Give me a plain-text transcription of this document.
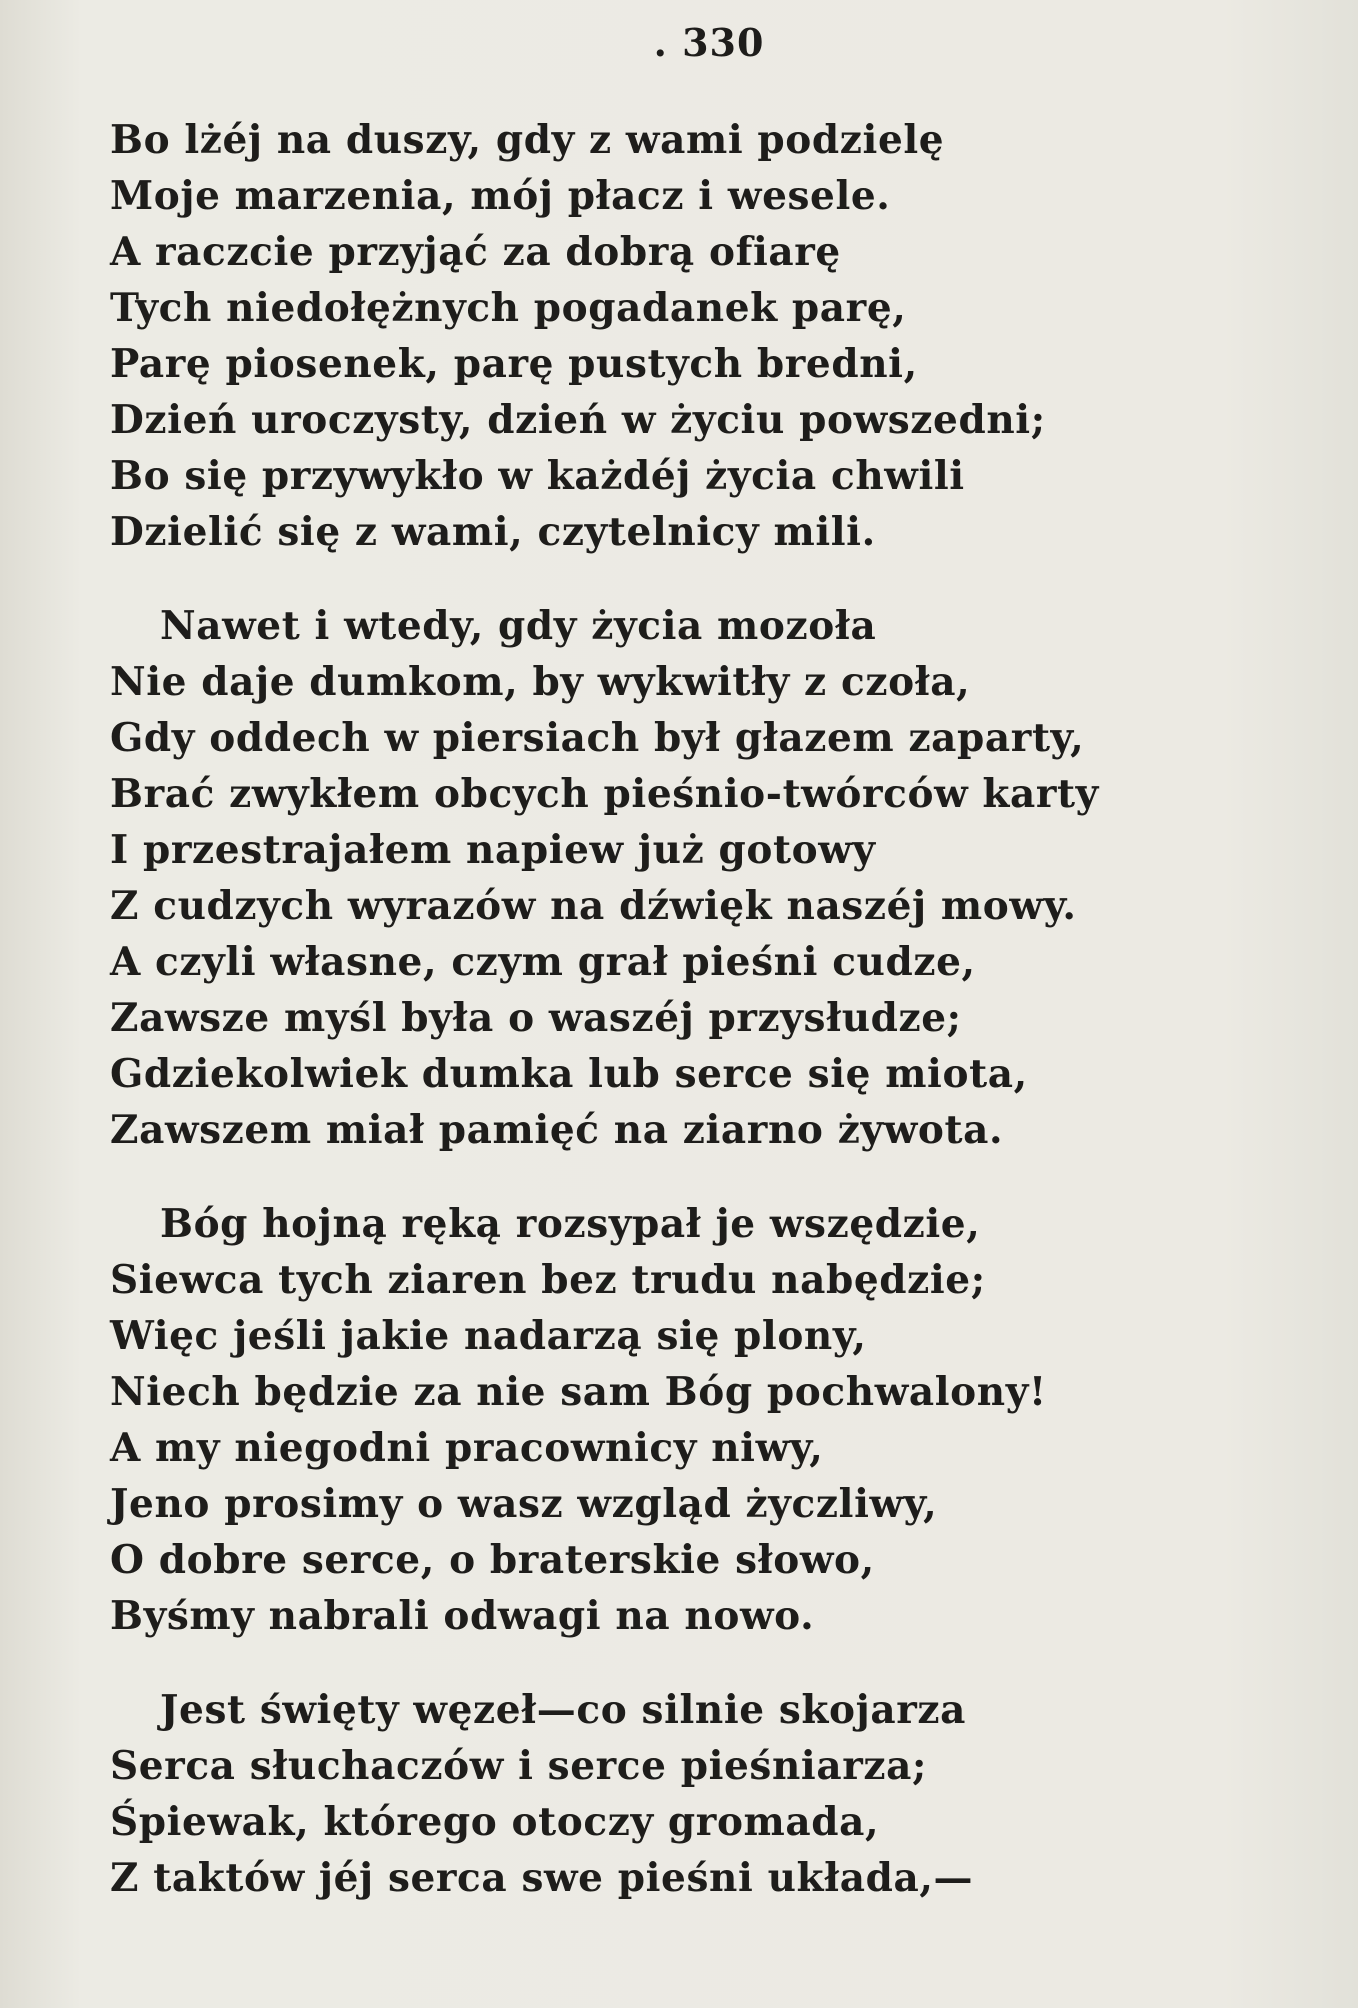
. 330
Bo lżéj na duszy, gdy z wami podzielę
Moje marzenia, mój płacz i wesele.
A raczcie przyjąć za dobrą ofiarę
Tych niedołężnych pogadanek parę,
Parę piosenek, parę pustych bredni,
Dzień uroczysty, dzień w życiu powszedni;
Bo się przywykło w każdéj życia chwili
Dzielić się z wami, czytelnicy mili.
Nawet i wtedy, gdy życia mozoła
Nie daje dumkom, by wykwitły z czoła,
Gdy oddech w piersiach był głazem zaparty,
Brać zwykłem obcych pieśnio-twórców karty
I przestrajałem napiew już gotowy
Z cudzych wyrazów na dźwięk naszéj mowy.
A czyli własne, czym grał pieśni cudze,
Zawsze myśl była o waszéj przysłudze;
Gdziekolwiek dumka lub serce się miota,
Zawszem miał pamięć na ziarno żywota.
Bóg hojną ręką rozsypał je wszędzie,
Siewca tych ziaren bez trudu nabędzie;
Więc jeśli jakie nadarzą się plony,
Niech będzie za nie sam Bóg pochwalony!
A my niegodni pracownicy niwy,
Jeno prosimy o wasz wzgląd życzliwy,
O dobre serce, o braterskie słowo,
Byśmy nabrali odwagi na nowo.
Jest święty węzeł—co silnie skojarza
Serca słuchaczów i serce pieśniarza;
Śpiewak, którego otoczy gromada,
Z taktów jéj serca swe pieśni układa,—
